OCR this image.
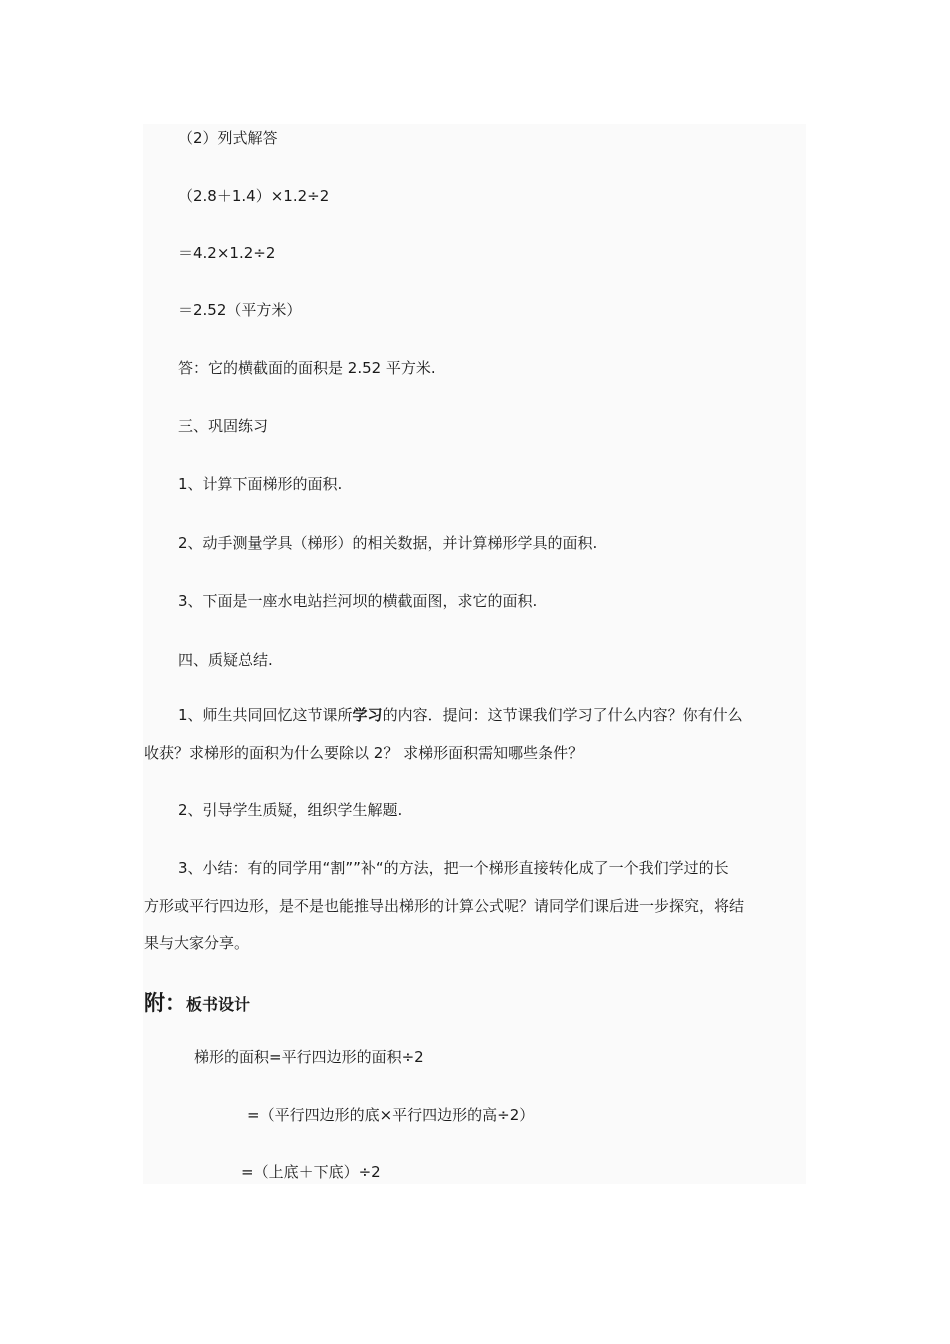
（2）列式解答
（2.8＋1.4）×1.2÷2
＝4.2×1.2÷2
＝2.52（平方米）
答：它的横截面的面积是 2.52 平方米.
三、巩固练习
1、计算下面梯形的面积.
2、动手测量学具（梯形）的相关数据，并计算梯形学具的面积.
3、下面是一座水电站拦河坝的横截面图，求它的面积.
四、质疑总结.
1、师生共同回忆这节课所学习的内容．提问：这节课我们学习了什么内容？你有什么
收获？求梯形的面积为什么要除以 2？ 求梯形面积需知哪些条件？
2、引导学生质疑，组织学生解题.
3、小结：有的同学用“割””补“的方法，把一个梯形直接转化成了一个我们学过的长
方形或平行四边形，是不是也能推导出梯形的计算公式呢？请同学们课后进一步探究，将结
果与大家分享。
附：板书设计
梯形的面积=平行四边形的面积÷2
=（平行四边形的底×平行四边形的高÷2）
=（上底＋下底）÷2
